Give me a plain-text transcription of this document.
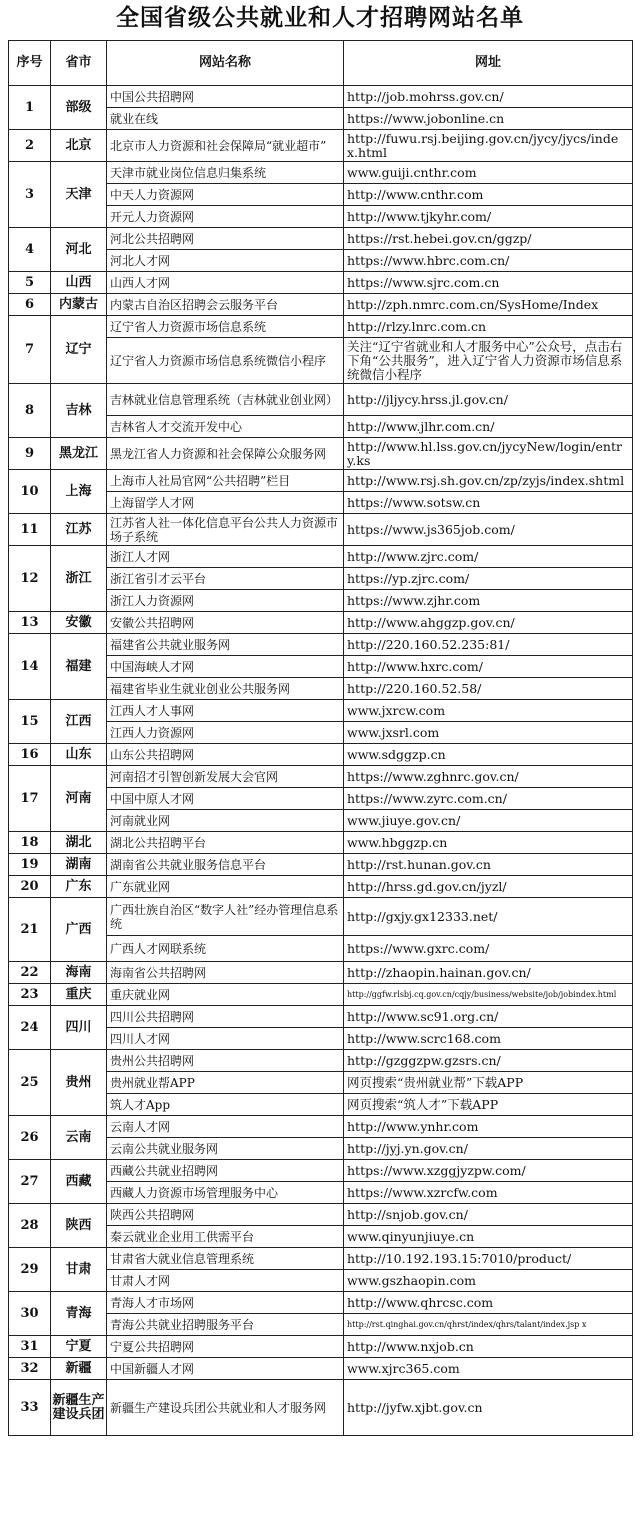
全国省级公共就业和人才招聘网站名单
序号	省市	网站名称	网址
1	部级	中国公共招聘网	http://job.mohrss.gov.cn/
		就业在线	https://www.jobonline.cn
2	北京	北京市人力资源和社会保障局“就业超市”	http://fuwu.rsj.beijing.gov.cn/jycy/jycs/index.html
3	天津	天津市就业岗位信息归集系统	www.guiji.cnthr.com
		中天人力资源网	http://www.cnthr.com
		开元人力资源网	http://www.tjkyhr.com/
4	河北	河北公共招聘网	https://rst.hebei.gov.cn/ggzp/
		河北人才网	https://www.hbrc.com.cn/
5	山西	山西人才网	https://www.sjrc.com.cn
6	内蒙古	内蒙古自治区招聘会云服务平台	http://zph.nmrc.com.cn/SysHome/Index
7	辽宁	辽宁省人力资源市场信息系统	http://rlzy.lnrc.com.cn
		辽宁省人力资源市场信息系统微信小程序	关注“辽宁省就业和人才服务中心”公众号，点击右下角“公共服务”，进入辽宁省人力资源市场信息系统微信小程序
8	吉林	吉林就业信息管理系统（吉林就业创业网）	http://jljycy.hrss.jl.gov.cn/
		吉林省人才交流开发中心	http://www.jlhr.com.cn/
9	黑龙江	黑龙江省人力资源和社会保障公众服务网	http://www.hl.lss.gov.cn/jycyNew/login/entry.ks
10	上海	上海市人社局官网“公共招聘”栏目	http://www.rsj.sh.gov.cn/zp/zyjs/index.shtml
		上海留学人才网	https://www.sotsw.cn
11	江苏	江苏省人社一体化信息平台公共人力资源市场子系统	https://www.js365job.com/
12	浙江	浙江人才网	http://www.zjrc.com/
		浙江省引才云平台	https://yp.zjrc.com/
		浙江人力资源网	https://www.zjhr.com
13	安徽	安徽公共招聘网	http://www.ahggzp.gov.cn/
14	福建	福建省公共就业服务网	http://220.160.52.235:81/
		中国海峡人才网	http://www.hxrc.com/
		福建省毕业生就业创业公共服务网	http://220.160.52.58/
15	江西	江西人才人事网	www.jxrcw.com
		江西人力资源网	www.jxsrl.com
16	山东	山东公共招聘网	www.sdggzp.cn
17	河南	河南招才引智创新发展大会官网	https://www.zghnrc.gov.cn/
		中国中原人才网	https://www.zyrc.com.cn/
		河南就业网	www.jiuye.gov.cn/
18	湖北	湖北公共招聘平台	www.hbggzp.cn
19	湖南	湖南省公共就业服务信息平台	http://rst.hunan.gov.cn
20	广东	广东就业网	http://hrss.gd.gov.cn/jyzl/
21	广西	广西壮族自治区“数字人社”经办管理信息系统	http://gxjy.gx12333.net/
		广西人才网联系统	https://www.gxrc.com/
22	海南	海南省公共招聘网	http://zhaopin.hainan.gov.cn/
23	重庆	重庆就业网	http://ggfw.rlsbj.cq.gov.cn/cqjy/business/website/job/jobindex.html
24	四川	四川公共招聘网	http://www.sc91.org.cn/
		四川人才网	http://www.scrc168.com
25	贵州	贵州公共招聘网	http://gzggzpw.gzsrs.cn/
		贵州就业帮APP	网页搜索“贵州就业帮”下载APP
		筑人才App	网页搜索“筑人才”下载APP
26	云南	云南人才网	http://www.ynhr.com
		云南公共就业服务网	http://jyj.yn.gov.cn/
27	西藏	西藏公共就业招聘网	https://www.xzggjyzpw.com/
		西藏人力资源市场管理服务中心	https://www.xzrcfw.com
28	陕西	陕西公共招聘网	http://snjob.gov.cn/
		秦云就业企业用工供需平台	www.qinyunjiuye.cn
29	甘肃	甘肃省大就业信息管理系统	http://10.192.193.15:7010/product/
		甘肃人才网	www.gszhaopin.com
30	青海	青海人才市场网	http://www.qhrcsc.com
		青海公共就业招聘服务平台	http://rst.qinghai.gov.cn/qhrst/index/qhrs/talant/index.jsp x
31	宁夏	宁夏公共招聘网	http://www.nxjob.cn
32	新疆	中国新疆人才网	www.xjrc365.com
33	新疆生产建设兵团	新疆生产建设兵团公共就业和人才服务网	http://jyfw.xjbt.gov.cn
